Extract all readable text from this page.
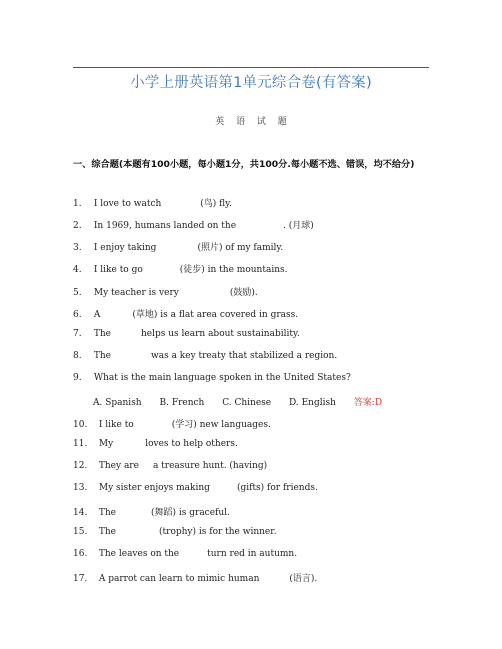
小学上册英语第1单元综合卷(有答案)
英 语 试 题
一、综合题(本题有100小题，每小题1分，共100分.每小题不选、错误，均不给分)
1. I love to watch	(鸟) fly.
2. In 1969, humans landed on the	. (月球)
3. I enjoy taking	(照片) of my family.
4. I like to go	(徒步) in the mountains.
5. My teacher is very	(鼓励).
6. A	(草地) is a flat area covered in grass.
7. The	helps us learn about sustainability.
8. The	was a key treaty that stabilized a region.
9. What is the main language spoken in the United States?
A. Spanish B. French C. Chinese D. English 答案:D
10. I like to	(学习) new languages.
11. My	loves to help others.
12. They are a treasure hunt. (having)
13. My sister enjoys making	(gifts) for friends.
14. The	(舞蹈) is graceful.
15. The	(trophy) is for the winner.
16. The leaves on the	turn red in autumn.
17. A parrot can learn to mimic human	(语言).
